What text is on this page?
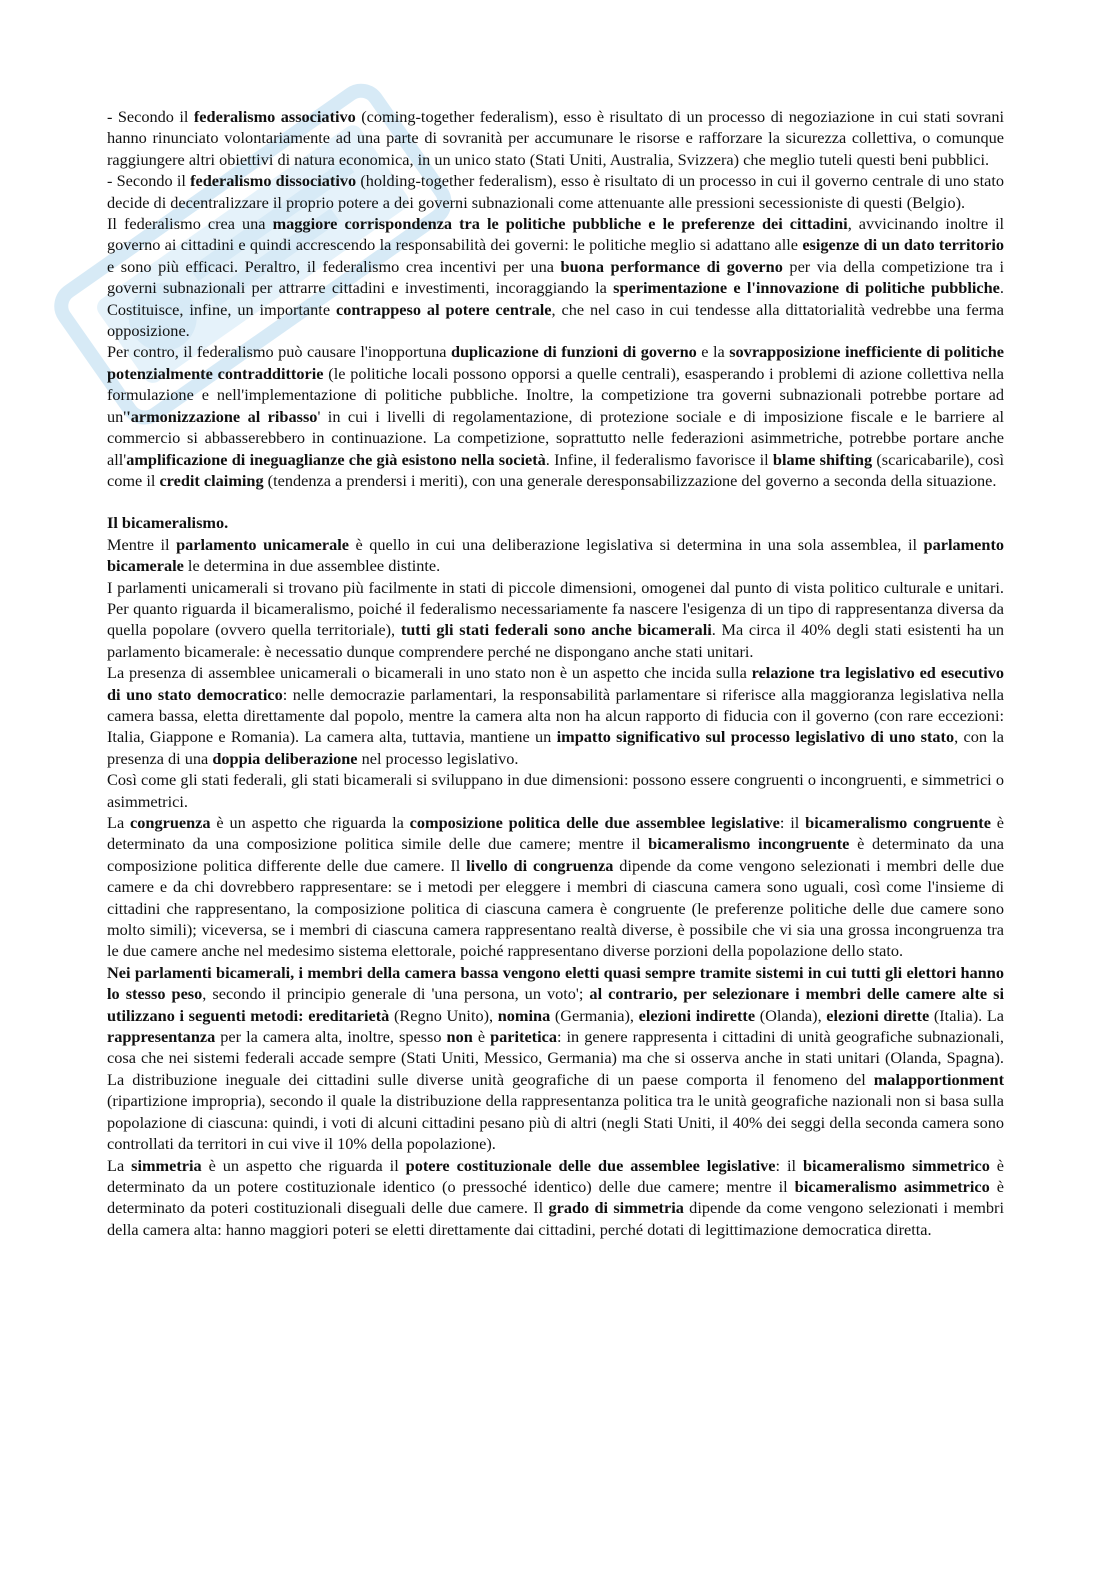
- Secondo il federalismo associativo (coming-together federalism), esso è risultato di un processo di negoziazione in cui stati sovrani hanno rinunciato volontariamente ad una parte di sovranità per accumunare le risorse e rafforzare la sicurezza collettiva, o comunque raggiungere altri obiettivi di natura economica, in un unico stato (Stati Uniti, Australia, Svizzera) che meglio tuteli questi beni pubblici.

- Secondo il federalismo dissociativo (holding-together federalism), esso è risultato di un processo in cui il governo centrale di uno stato decide di decentralizzare il proprio potere a dei governi subnazionali come attenuante alle pressioni secessioniste di questi (Belgio).

Il federalismo crea una maggiore corrispondenza tra le politiche pubbliche e le preferenze dei cittadini, avvicinando inoltre il governo ai cittadini e quindi accrescendo la responsabilità dei governi: le politiche meglio si adattano alle esigenze di un dato territorio e sono più efficaci. Peraltro, il federalismo crea incentivi per una buona performance di governo per via della competizione tra i governi subnazionali per attrarre cittadini e investimenti, incoraggiando la sperimentazione e l'innovazione di politiche pubbliche. Costituisce, infine, un importante contrappeso al potere centrale, che nel caso in cui tendesse alla dittatorialità vedrebbe una ferma opposizione.

Per contro, il federalismo può causare l'inopportuna duplicazione di funzioni di governo e la sovrapposizione inefficiente di politiche potenzialmente contraddittorie (le politiche locali possono opporsi a quelle centrali), esasperando i problemi di azione collettiva nella formulazione e nell'implementazione di politiche pubbliche. Inoltre, la competizione tra governi subnazionali potrebbe portare ad un''armonizzazione al ribasso' in cui i livelli di regolamentazione, di protezione sociale e di imposizione fiscale e le barriere al commercio si abbasserebbero in continuazione. La competizione, soprattutto nelle federazioni asimmetriche, potrebbe portare anche all'amplificazione di ineguaglianze che già esistono nella società. Infine, il federalismo favorisce il blame shifting (scaricabarile), così come il credit claiming (tendenza a prendersi i meriti), con una generale deresponsabilizzazione del governo a seconda della situazione.

Il bicameralismo.

Mentre il parlamento unicamerale è quello in cui una deliberazione legislativa si determina in una sola assemblea, il parlamento bicamerale le determina in due assemblee distinte.

I parlamenti unicamerali si trovano più facilmente in stati di piccole dimensioni, omogenei dal punto di vista politico culturale e unitari. Per quanto riguarda il bicameralismo, poiché il federalismo necessariamente fa nascere l'esigenza di un tipo di rappresentanza diversa da quella popolare (ovvero quella territoriale), tutti gli stati federali sono anche bicamerali. Ma circa il 40% degli stati esistenti ha un parlamento bicamerale: è necessatio dunque comprendere perché ne dispongano anche stati unitari.

La presenza di assemblee unicamerali o bicamerali in uno stato non è un aspetto che incida sulla relazione tra legislativo ed esecutivo di uno stato democratico: nelle democrazie parlamentari, la responsabilità parlamentare si riferisce alla maggioranza legislativa nella camera bassa, eletta direttamente dal popolo, mentre la camera alta non ha alcun rapporto di fiducia con il governo (con rare eccezioni: Italia, Giappone e Romania). La camera alta, tuttavia, mantiene un impatto significativo sul processo legislativo di uno stato, con la presenza di una doppia deliberazione nel processo legislativo.

Così come gli stati federali, gli stati bicamerali si sviluppano in due dimensioni: possono essere congruenti o incongruenti, e simmetrici o asimmetrici.

La congruenza è un aspetto che riguarda la composizione politica delle due assemblee legislative: il bicameralismo congruente è determinato da una composizione politica simile delle due camere; mentre il bicameralismo incongruente è determinato da una composizione politica differente delle due camere. Il livello di congruenza dipende da come vengono selezionati i membri delle due camere e da chi dovrebbero rappresentare: se i metodi per eleggere i membri di ciascuna camera sono uguali, così come l'insieme di cittadini che rappresentano, la composizione politica di ciascuna camera è congruente (le preferenze politiche delle due camere sono molto simili); viceversa, se i membri di ciascuna camera rappresentano realtà diverse, è possibile che vi sia una grossa incongruenza tra le due camere anche nel medesimo sistema elettorale, poiché rappresentano diverse porzioni della popolazione dello stato.

Nei parlamenti bicamerali, i membri della camera bassa vengono eletti quasi sempre tramite sistemi in cui tutti gli elettori hanno lo stesso peso, secondo il principio generale di 'una persona, un voto'; al contrario, per selezionare i membri delle camere alte si utilizzano i seguenti metodi: ereditarietà (Regno Unito), nomina (Germania), elezioni indirette (Olanda), elezioni dirette (Italia). La rappresentanza per la camera alta, inoltre, spesso non è paritetica: in genere rappresenta i cittadini di unità geografiche subnazionali, cosa che nei sistemi federali accade sempre (Stati Uniti, Messico, Germania) ma che si osserva anche in stati unitari (Olanda, Spagna). La distribuzione ineguale dei cittadini sulle diverse unità geografiche di un paese comporta il fenomeno del malapportionment (ripartizione impropria), secondo il quale la distribuzione della rappresentanza politica tra le unità geografiche nazionali non si basa sulla popolazione di ciascuna: quindi, i voti di alcuni cittadini pesano più di altri (negli Stati Uniti, il 40% dei seggi della seconda camera sono controllati da territori in cui vive il 10% della popolazione).

La simmetria è un aspetto che riguarda il potere costituzionale delle due assemblee legislative: il bicameralismo simmetrico è determinato da un potere costituzionale identico (o pressoché identico) delle due camere; mentre il bicameralismo asimmetrico è determinato da poteri costituzionali diseguali delle due camere. Il grado di simmetria dipende da come vengono selezionati i membri della camera alta: hanno maggiori poteri se eletti direttamente dai cittadini, perché dotati di legittimazione democratica diretta.
